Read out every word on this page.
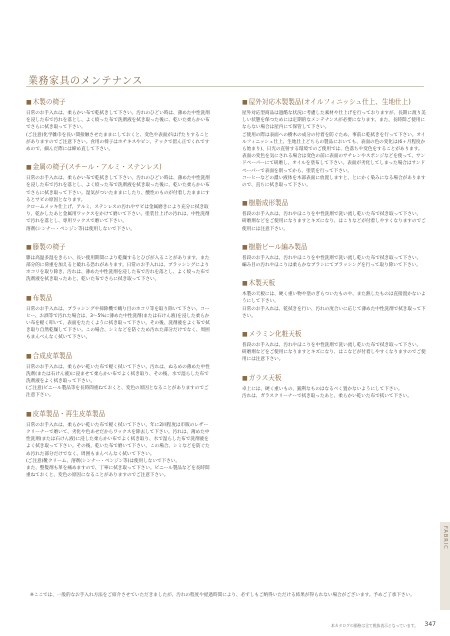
業務家具のメンテナンス
■木製の椅子

日常のお手入れは、柔らかい布で乾拭きして下さい。汚れのひどい時は、薄めた中性洗剤を浸した布で汚れを落とし、よく絞った布で洗剤液を拭き取った後に、乾いた柔らかい布でさらに拭き取って下さい。

(ご注意)化学雑巾を長い間接触させたままにしておくと、変色や表面がはげたりすることがありますのでご注意下さい。食用の椅子はホチキスやピン、テックで留ん正でくれですめので、細んだ際には締め直して下さい。

■金属の椅子(スチール・アルミ・ステンレス)

日常のお手入れは、柔らかい布で乾拭きして下さい。汚れのひどい時は、薄めた中性洗剤を浸した布で汚れを落とし、よく絞った布で洗剤液を拭き取った後に、乾いた柔らかい布でさらに拭き取って下さい。湿気がついたままにしたり、酸性のものが付着したままにするとサビの原因となります。

クロームメッキ仕上げ、アルミ、ステンレスの汚れやサビは金属磨きにより充分に拭き取り、乾かしたあと金属用ワックスをかけて磨いて下さい。塗装仕上げの汚れは、中性洗剤で汚れを落とし、専用ワックスで磨いて下さい。

溶剤(シンナー・ベンジン等)は使用しないで下さい。

■籐製の椅子

籐は高温多湿をきらい、長い使用期間により乾燥するとひびが入ることがあります。また部分的に荷重を加えると破れる恐れがあります。日常のお手入れは、ブラッシングによりホコリを取り除き、汚れは、薄めた中性洗剤を浸した布で汚れを落とし、よく絞った布で洗剤液を拭き取ったあと、乾いた布でさらに拭き取って下さい。

■布製品

日常のお手入れは、ブラッシングや掃除機で織り目のホコリ等を取り除いて下さい。コーヒー、お酒等で汚れた場合は、3〜5%に薄めた中性洗剤(または石けん液)を浸した柔らかい布を軽く叩いて、表面をたたくように拭き取って下さい。その後、洗剤液をよく布で拭き取り自然乾燥して下さい。この場合、シミなどを防ぐため汚れた部分だけでなく、周囲もまんべんなく拭いて下さい。

■合成皮革製品

日常のお手入れは、柔らかい乾いた布で軽く拭いて下さい。汚れは、ぬるめの薄めた中性洗剤(または石けん液)に浸ませて柔らかい布でよく拭き取り、その後、水で湿らした布で洗剤液をよく拭き取って下さい。

(ご注意)ビニール製品等を長時間重ねておくと、変色の原因となることがありますのでご注意下さい。

■皮革製品・再生皮革製品

日常のお手入れは、柔らかい乾いた布で軽く拭いて下さい。年に2回程度は市販のレザークリーナーで磨いて、劣化や色あせだからワックスを除去して下さい。汚れは、薄めた中性洗剤(または石けん液)に浸した柔らかい布でよく拭き取り、水で湿らした布で洗剤液をよく拭き取って下さい。その後、乾いた布で磨いて下さい。この場合、シミなどを防ぐため汚れた部分だけでなく、周囲もまんべんなく拭いて下さい。

(ご注意)靴クリーム、溶剤(シンナー・ベンジン等)は使用しないで下さい。

また、整髪剤も革を痛めますので、丁寧に拭き取って下さい。ビニール製品などを長時間重ねておくと、変色の原因になることがありますのでご注意下さい。

■屋外対応木製製品(オイルフィニッシュ仕上、生地仕上)

屋外対応型商品は過酷な状況に考慮した素材や仕上げを行っておりますが、長期に渡り美しい状態を保つためには定期的なメンテナンスが必要になります。また、長時間ご使用にならない場合は屋内にて保管して下さい。

ご使用の際は表面への樹木の成分の付着を防ぐため、事前に乾拭きを行って下さい。オイルフィニッシュ仕上、生地仕上どちらの製品においても、表面の色の変化は(6ヶ月程度から始まり)、日光の直射する環境でのご使用では、色落ちや変色をすることがあります。表面の変色を気にされる場合は変色の前に表面のサチレンやスポンジなどを使って、サンドペーパーにて研磨し、オイルを塗布して下さい。表面が劣化してしまった場合はサンドペーパーで表面を削ってから、塗装を行って下さい。

コーヒーなどの濃い液体を木部表面に放置しますと、とにかく染みになる場合がありますので、直ちに拭き取って下さい。

■樹脂成形製品

普段のお手入れは、汚れやほこりを中性洗剤で洗い流し乾いた布で拭き取って下さい。

研磨剤などをご使用になりますとキズになり、はこりなどが付着しやすくなりますのでご使用には注意下さい。

■樹脂ビール編み製品

普段のお手入れは、汚れやほこりを中性洗剤で洗い流し乾いた布で拭き取って下さい。

編み目の汚れやほこりは柔らかなブラシにてブラッシングを行って取り除いて下さい。

■木製天板

木製の天板には、硬く重い物や塗のぎらついたものや、また熱したものは直接置かないようにして下さい。

日常のお手入れは、乾拭きを行い、汚れの度合いに応じて薄めた中性洗剤で拭き取って下さい。

■メラミン化粧天板

普段のお手入れは、汚れやほこりを中性洗剤で洗い流し乾いた布で拭き取って下さい。

研磨剤などをご使用になりますとキズになり、はこなどが付着しやすくなりますのでご使用には注意下さい。

■ガラス天板

卓上には、硬く重いもの、鋭利なものはなるべく置かないようにして下さい。

汚れは、ガラスクリーナーで拭き取ったあと、柔らかい乾いた布で拭いて下さい。

FABRIC
※ここでは、一般的なお手入れ方法をご紹介させていただきましたが、汚れの程度や経過時間により、必ずしもご納得いただける結果が得られない場合がございます。予めご了承下さい。
本カタログの価格は全て税抜表示となっています。 347
